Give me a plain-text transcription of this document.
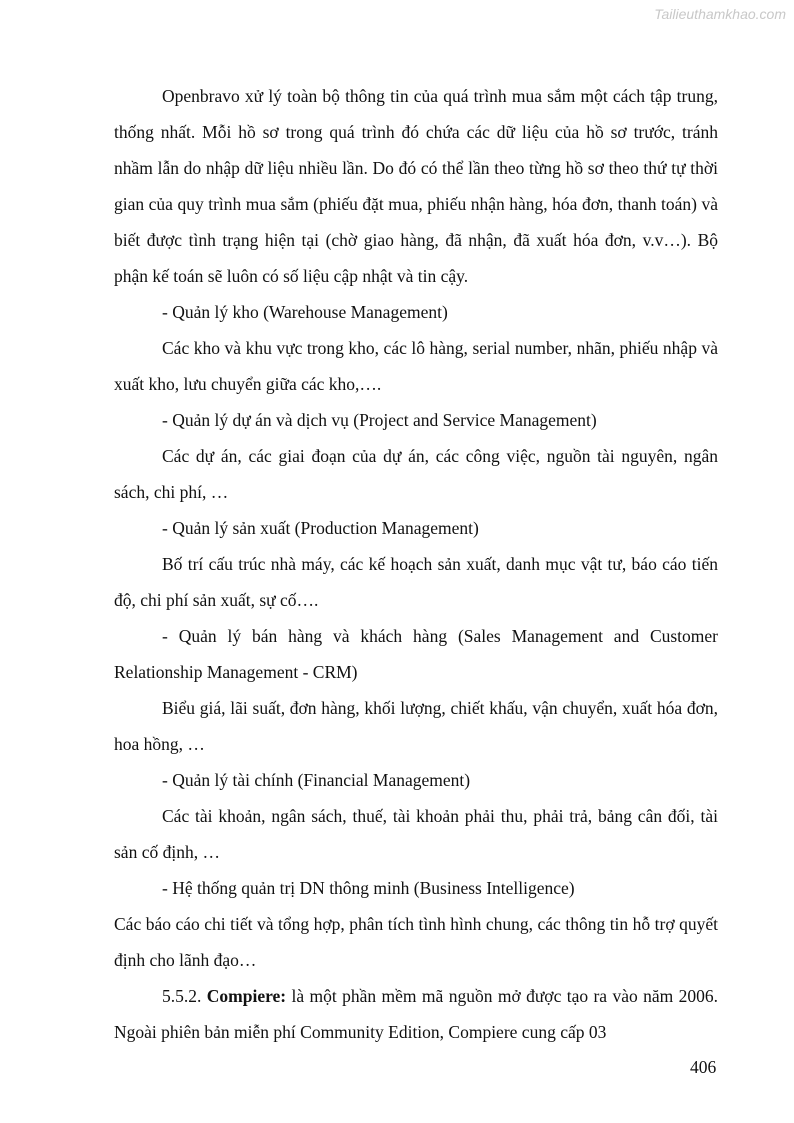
Tailieuthamkhao.com

Openbravo xử lý toàn bộ thông tin của quá trình mua sắm một cách tập trung, thống nhất. Mỗi hồ sơ trong quá trình đó chứa các dữ liệu của hồ sơ trước, tránh nhầm lẫn do nhập dữ liệu nhiều lần. Do đó có thể lần theo từng hồ sơ theo thứ tự thời gian của quy trình mua sắm (phiếu đặt mua, phiếu nhận hàng, hóa đơn, thanh toán) và biết được tình trạng hiện tại (chờ giao hàng, đã nhận, đã xuất hóa đơn, v.v…). Bộ phận kế toán sẽ luôn có số liệu cập nhật và tin cậy.

- Quản lý kho (Warehouse Management)

Các kho và khu vực trong kho, các lô hàng, serial number, nhãn, phiếu nhập và xuất kho, lưu chuyển giữa các kho,….

- Quản lý dự án và dịch vụ (Project and Service Management)

Các dự án, các giai đoạn của dự án, các công việc, nguồn tài nguyên, ngân sách, chi phí, …

- Quản lý sản xuất (Production Management)

Bố trí cấu trúc nhà máy, các kế hoạch sản xuất, danh mục vật tư, báo cáo tiến độ, chi phí sản xuất, sự cố….

- Quản lý bán hàng và khách hàng (Sales Management and Customer Relationship Management - CRM)

Biểu giá, lãi suất, đơn hàng, khối lượng, chiết khấu, vận chuyển, xuất hóa đơn, hoa hồng, …

- Quản lý tài chính (Financial Management)

Các tài khoản, ngân sách, thuế, tài khoản phải thu, phải trả, bảng cân đối, tài sản cố định, …

- Hệ thống quản trị DN thông minh (Business Intelligence)

Các báo cáo chi tiết và tổng hợp, phân tích tình hình chung, các thông tin hỗ trợ quyết định cho lãnh đạo…

5.5.2. Compiere: là một phần mềm mã nguồn mở được tạo ra vào năm 2006. Ngoài phiên bản miễn phí Community Edition, Compiere cung cấp 03

406
